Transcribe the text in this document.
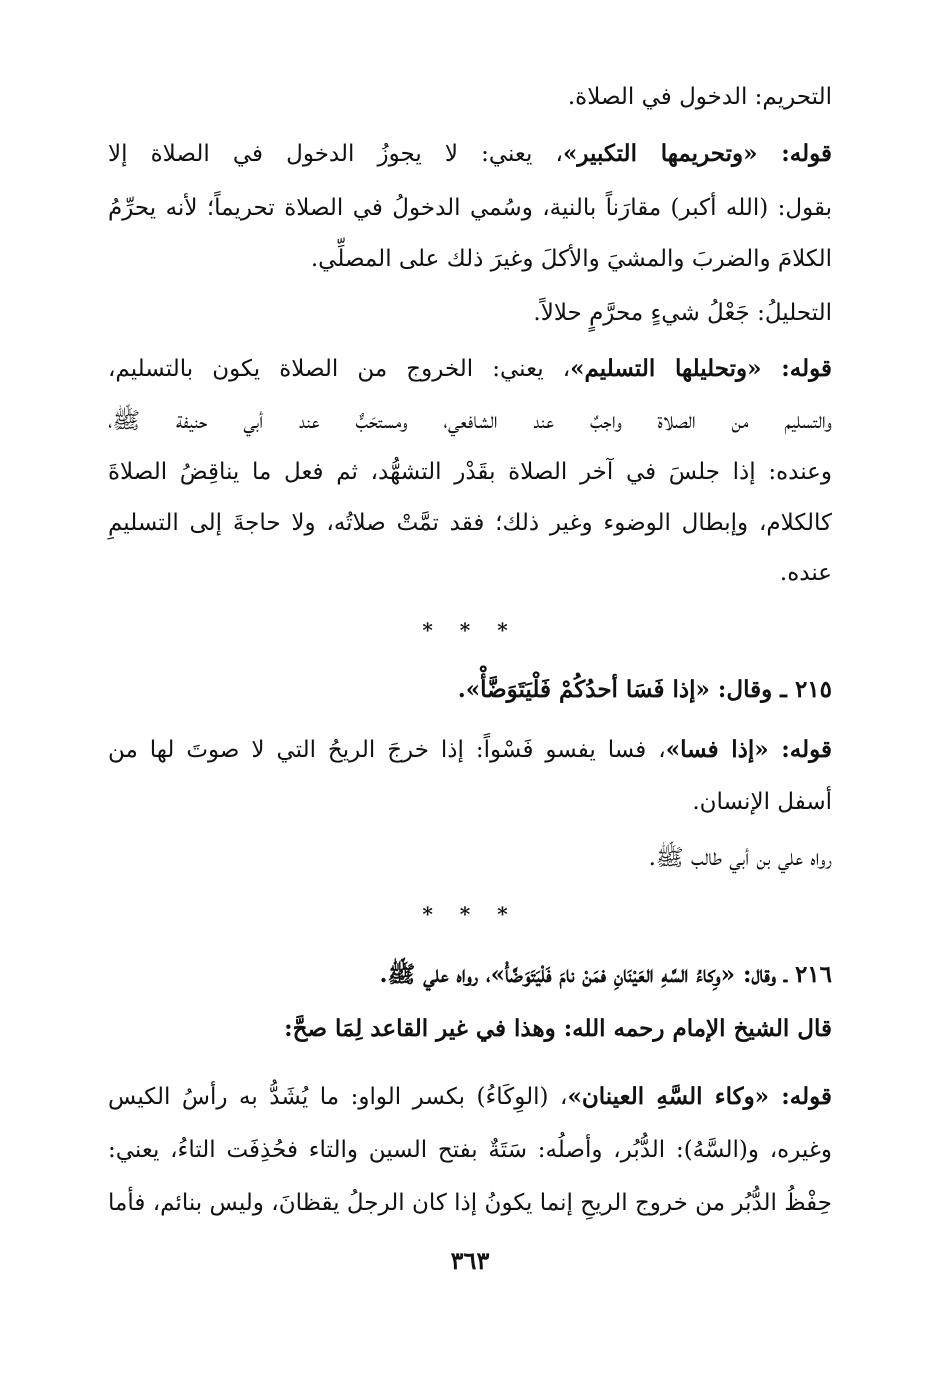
التحريم: الدخول في الصلاة.
قوله: «وتحريمها التكبير»، يعني: لا يجوزُ الدخول في الصلاة إلا
بقول: (الله أكبر) مقارَناً بالنية، وسُمي الدخولُ في الصلاة تحريماً؛ لأنه يحرِّمُ
الكلامَ والضربَ والمشيَ والأكلَ وغيرَ ذلك على المصلِّي.
التحليلُ: جَعْلُ شيءٍ محرَّمٍ حلالاً.
قوله: «وتحليلها التسليم»، يعني: الخروج من الصلاة يكون بالتسليم،
والتسليم من الصلاة واجبٌ عند الشافعي، ومستحَبٌّ عند أبي حنيفة ﷺ،
وعنده: إذا جلسَ في آخر الصلاة بقَدْر التشهُّد، ثم فعل ما يناقِضُ الصلاةَ
كالكلام، وإبطال الوضوء وغير ذلك؛ فقد تمَّتْ صلاتُه، ولا حاجةَ إلى التسليمِ
عنده.
* * *
٢١٥ ـ وقال: «إذا فَسَا أحدُكُمْ فَلْيَتَوَضَّأْ».
قوله: «إذا فسا»، فسا يفسو فَسْواً: إذا خرجَ الريحُ التي لا صوتَ لها من
أسفل الإنسان.
رواه علي بن أبي طالب ﷺ.
* * *
٢١٦ ـ وقال: «وِكاءُ السَّهِ العَيْنَانِ فمَنْ نامَ فَلْيَتَوَضَّأْ»، رواه علي ﷺ.
قال الشيخ الإمام رحمه الله: وهذا في غير القاعد لِمَا صحَّ:
قوله: «وكاء السَّهِ العينان»، (الوِكَاءُ) بكسر الواو: ما يُشَدُّ به رأسُ الكيس
وغيره، و(السَّهُ): الدُّبُر، وأصلُه: سَتَةٌ بفتح السين والتاء فحُذِفَت التاءُ، يعني:
حِفْظُ الدُّبُر من خروج الريحِ إنما يكونُ إذا كان الرجلُ يقظانَ، وليس بنائم، فأما
٣٦٣
